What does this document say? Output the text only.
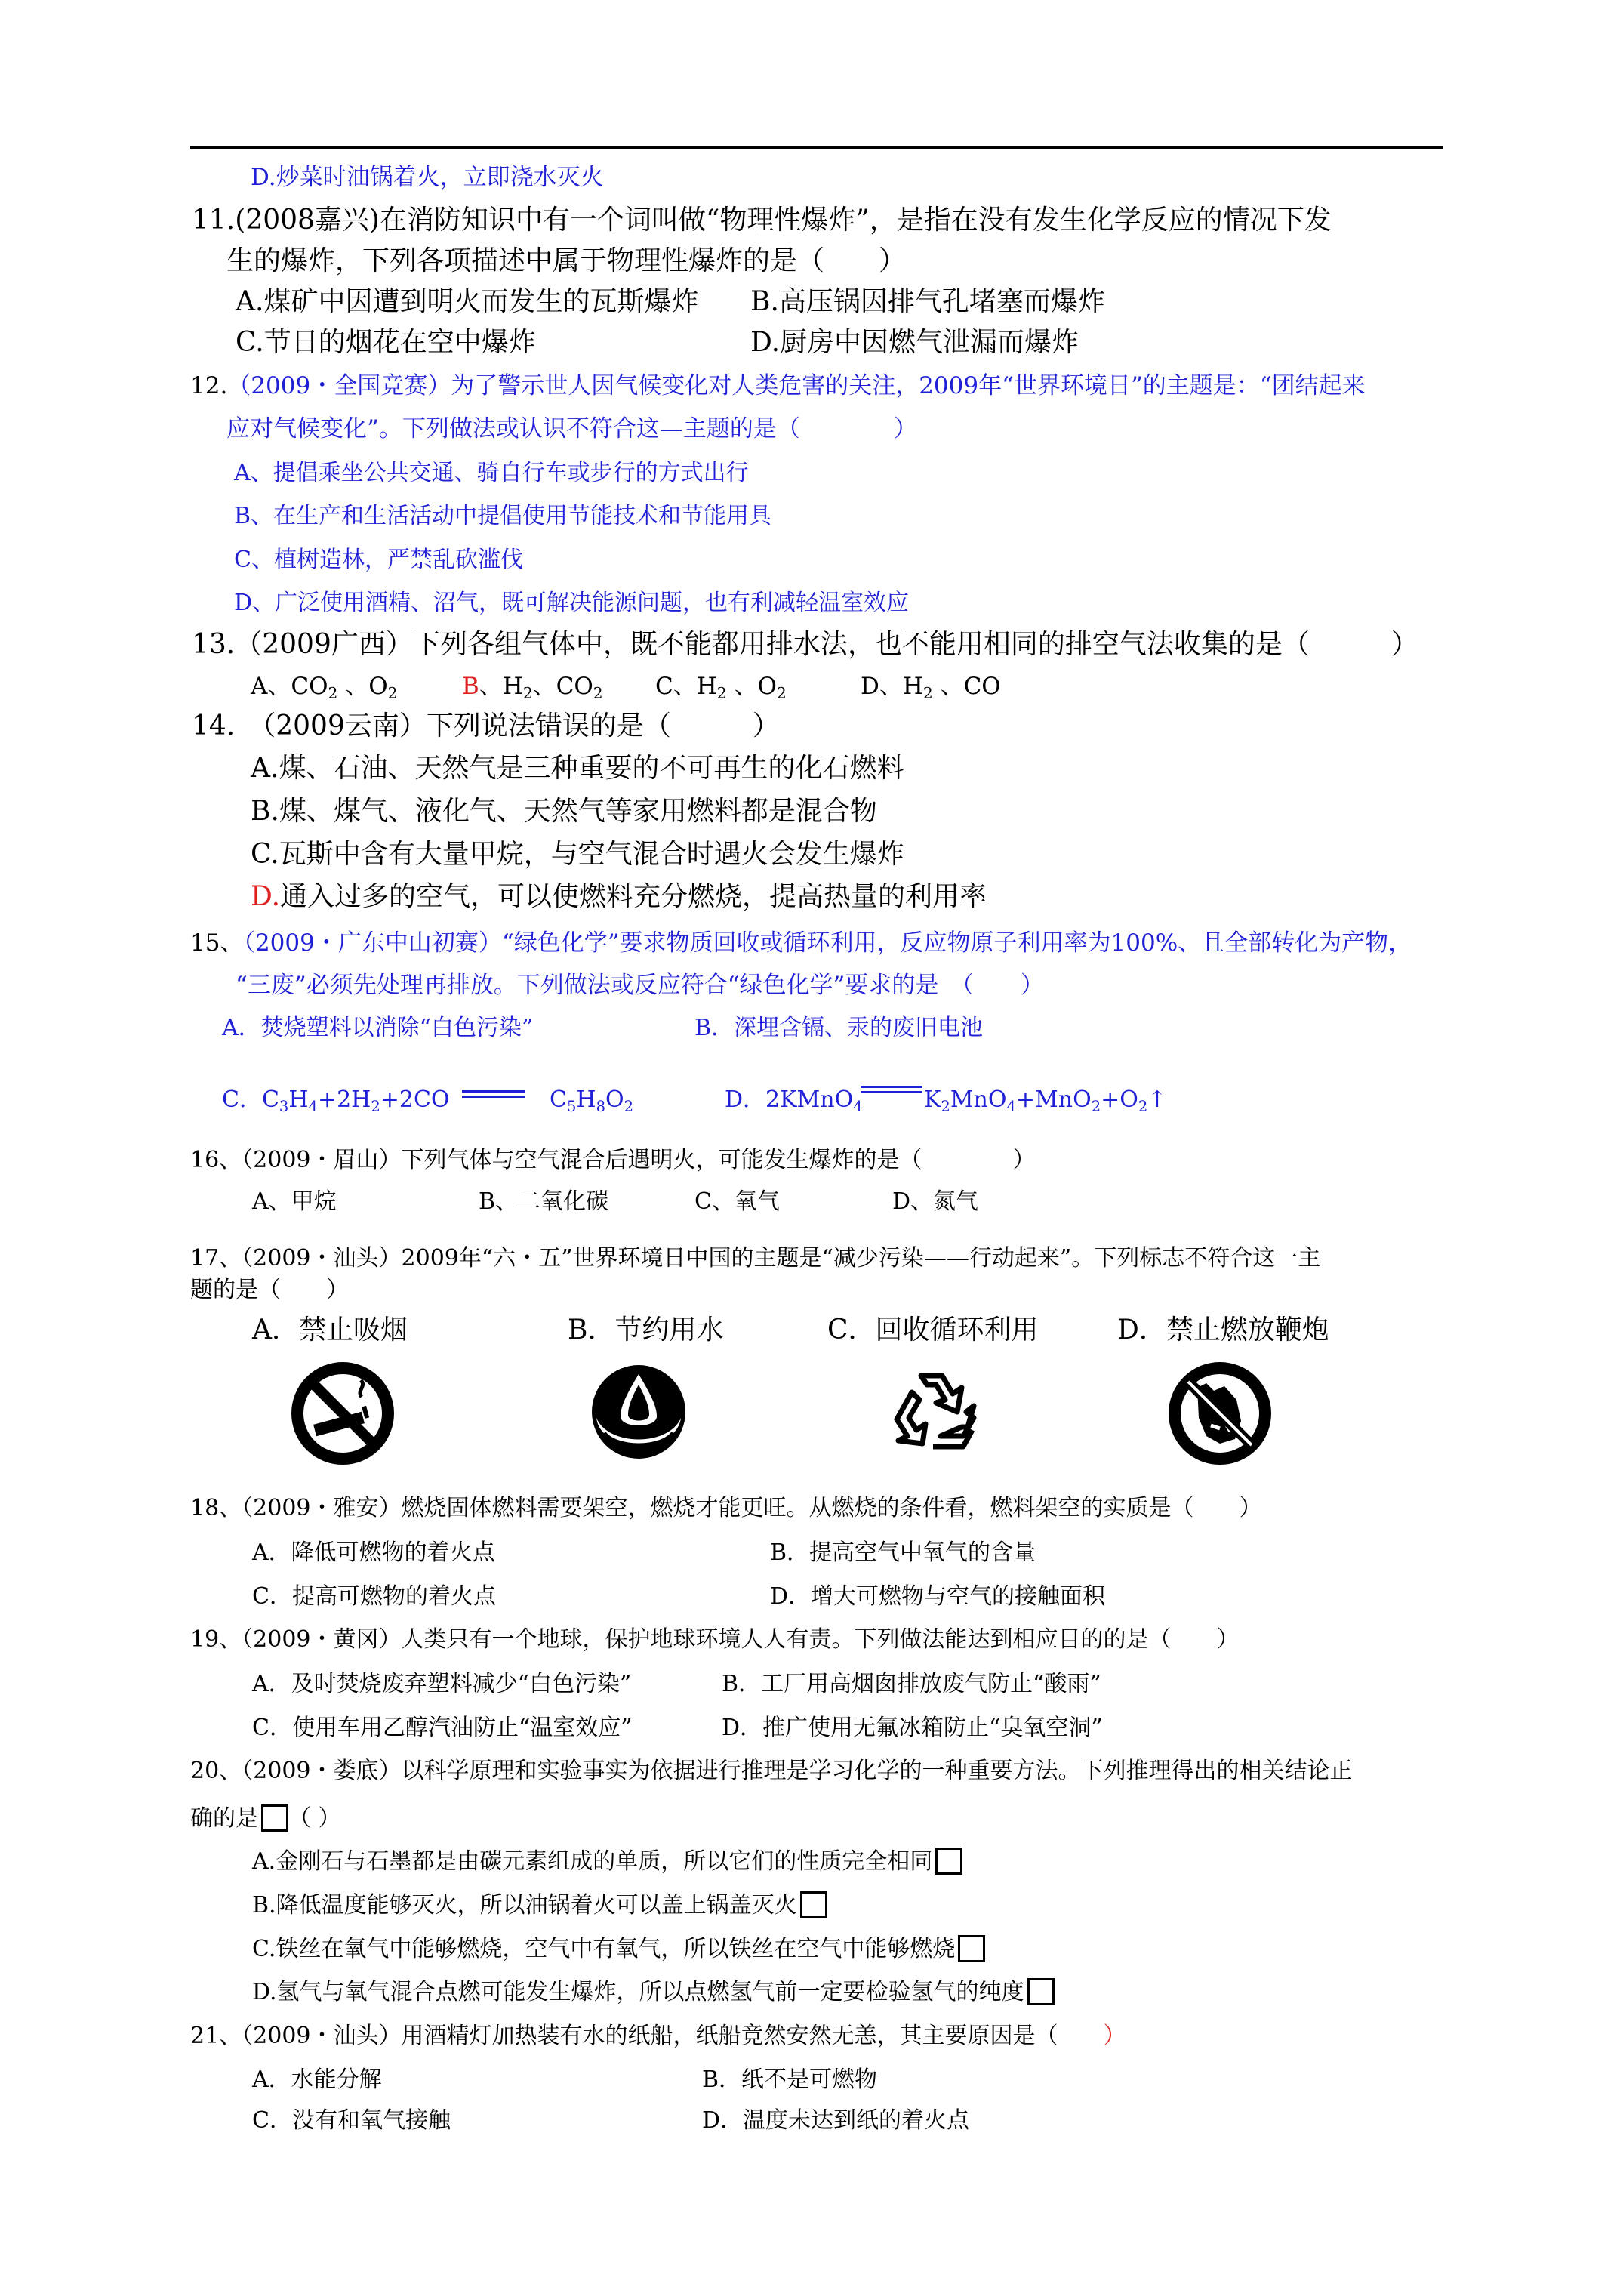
D.炒菜时油锅着火，立即浇水灭火
11.(2008嘉兴)在消防知识中有一个词叫做“物理性爆炸”，是指在没有发生化学反应的情况下发
生的爆炸，下列各项描述中属于物理性爆炸的是（　　）
A.煤矿中因遭到明火而发生的瓦斯爆炸 B.高压锅因排气孔堵塞而爆炸
C.节日的烟花在空中爆炸	D.厨房中因燃气泄漏而爆炸
12.（2009・全国竞赛）为了警示世人因气候变化对人类危害的关注，2009年“世界环境日”的主题是：“团结起来
应对气候变化”。下列做法或认识不符合这—主题的是（　　　　）
A、提倡乘坐公共交通、骑自行车或步行的方式出行
B、在生产和生活活动中提倡使用节能技术和节能用具
C、植树造林，严禁乱砍滥伐
D、广泛使用酒精、沼气，既可解决能源问题，也有利减轻温室效应
13.（2009广西）下列各组气体中，既不能都用排水法，也不能用相同的排空气法收集的是（　　　）
A、$CO_2$ 、$O_2$	B、$H_2$、$CO_2$ C、$H_2$ 、$O_2$	D、$H_2$ 、CO
14.　（2009云南）下列说法错误的是（　　　）
A.煤、石油、天然气是三种重要的不可再生的化石燃料
B.煤、煤气、液化气、天然气等家用燃料都是混合物
C.瓦斯中含有大量甲烷，与空气混合时遇火会发生爆炸
D.通入过多的空气，可以使燃料充分燃烧，提高热量的利用率
15、（2009・广东中山初赛）“绿色化学”要求物质回收或循环利用，反应物原子利用率为100%、且全部转化为产物，
“三废”必须先处理再排放。下列做法或反应符合“绿色化学”要求的是　（　　）
A．焚烧塑料以消除“白色污染”	B．深埋含镉、汞的废旧电池
C．$C_3H_4+2H_2+2CO$	$C_5H_8O_2$	D．2KMnO$_4$	$K_2MnO_4+MnO_2+O_2↑$
16、（2009・眉山）下列气体与空气混合后遇明火，可能发生爆炸的是（　　　　）
A、甲烷	B、二氧化碳	C、氧气	D、氮气
17、（2009・汕头）2009年“六・五”世界环境日中国的主题是“减少污染——行动起来”。下列标志不符合这一主
题的是（　　）
A．禁止吸烟	B．节约用水	C．回收循环利用	D．禁止燃放鞭炮
18、（2009・雅安）燃烧固体燃料需要架空，燃烧才能更旺。从燃烧的条件看，燃料架空的实质是（　　）
A．降低可燃物的着火点	B．提高空气中氧气的含量
C．提高可燃物的着火点	D．增大可燃物与空气的接触面积
19、（2009・黄冈）人类只有一个地球，保护地球环境人人有责。下列做法能达到相应目的的是（　　）
A．及时焚烧废弃塑料减少“白色污染”	B．工厂用高烟囱排放废气防止“酸雨”
C．使用车用乙醇汽油防止“温室效应”	D．推广使用无氟冰箱防止“臭氧空洞”
20、（2009・娄底）以科学原理和实验事实为依据进行推理是学习化学的一种重要方法。下列推理得出的相关结论正
确的是 （ ）
A.金刚石与石墨都是由碳元素组成的单质，所以它们的性质完全相同
B.降低温度能够灭火，所以油锅着火可以盖上锅盖灭火
C.铁丝在氧气中能够燃烧，空气中有氧气，所以铁丝在空气中能够燃烧
D.氢气与氧气混合点燃可能发生爆炸，所以点燃氢气前一定要检验氢气的纯度
21、（2009・汕头）用酒精灯加热装有水的纸船，纸船竟然安然无恙，其主要原因是（　　）
A．水能分解	B．纸不是可燃物
C．没有和氧气接触	D．温度未达到纸的着火点
